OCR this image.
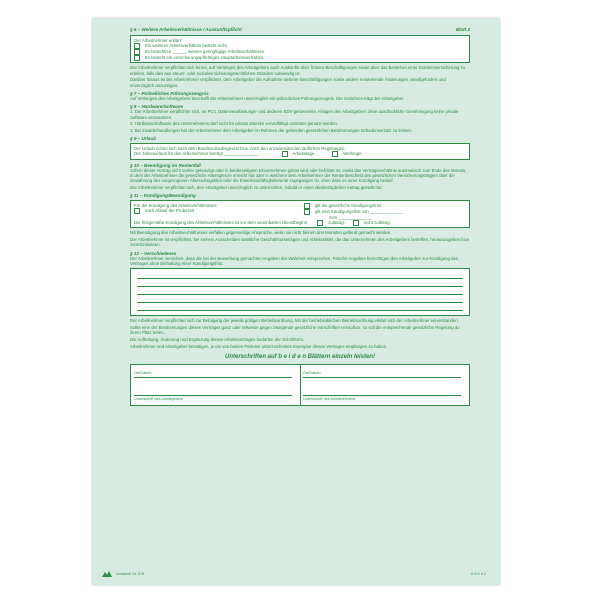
§ 6 – Weitere Arbeitsverhältnisse / Auskunftspflicht	Blatt 2
Der Arbeitnehmer erklärt:
Ein weiteres Arbeitsverhältnis besteht nicht.
Es besteht/en ______ weitere geringfügige Arbeitsverhältnisse.
Es besteht ein versicherungspflichtiges Hauptarbeitsverhältnis.

Der Arbeitnehmer verpflichtet sich ferner, auf Verlangen des Arbeitgebers auch Auskünfte über frühere Beschäftigungen sowie über das Bestehen einer Krankenversicherung zu erteilen, falls dies aus steuer- oder sozialversicherungsrechtlichen Gründen notwendig ist.

Darüber hinaus ist der Arbeitnehmer verpflichtet, dem Arbeitgeber die Aufnahme weiterer Beschäftigungen sowie andere entstehende Änderungen unaufgefordert und unverzüglich anzuzeigen.

§ 7 – Polizeiliches Führungszeugnis

Auf Verlangen des Arbeitgebers beschafft der Arbeitnehmer unverzüglich ein polizeiliches Führungszeugnis. Die Gebühren trägt der Arbeitgeber.

§ 8 – Hardware/Software

1. Der Arbeitnehmer verpflichtet sich, an PCs, Datenverarbeitungs- und anderen EDV-gesteuerten Anlagen des Arbeitgebers ohne ausdrückliche Genehmigung keine private Software einzusetzen.

2. Hardware/Software des Unternehmens darf nicht für private Zwecke vervielfältigt und/oder genutzt werden.

3. Bei Zuwiderhandlungen hat der Arbeitnehmer dem Arbeitgeber im Rahmen der geltenden gesetzlichen Bestimmungen Schadensersatz zu leisten.

§ 9 – Urlaub
Der Urlaub richtet sich nach dem Bundesurlaubsgesetz bzw. nach den anzuwendenden tariflichen Regelungen.
Der Jahresurlaub für den Arbeitnehmer beträgt ______________	Arbeitstage	Werktage.
§ 10 – Beendigung im Rentenfall

Sofern dieser Vertrag nicht vorher gekündigt oder in beiderseitigem Einvernehmen gelöst wird oder befristet ist, endet das Vertragsverhältnis automatisch zum Ende des Monats, in dem der Arbeitnehmer die gesetzliche Altersgrenze erreicht hat oder in welchem dem Arbeitnehmer der Rentenbescheid des gesetzlichen Versicherungsträgers über die Gewährung des vorgezogenen Altersruhegeldes oder die Erwerbsunfähigkeitsrente zugegangen ist, ohne dass es einer Kündigung bedarf.

Der Arbeitnehmer verpflichtet sich, den Arbeitgeber unverzüglich zu unterrichten, sobald er einen diesbezüglichen Antrag gestellt hat.

§ 11 – Kündigung/Beendigung
Für die Kündigung des Arbeitsverhältnisses
nach Ablauf der Probezeit
gilt die gesetzliche Kündigungsfrist.
gilt eine Kündigungsfrist von ______________
zum ______________
Die fristgemäße Kündigung des Arbeitsverhältnisses ist vor dem vereinbarten Dienstbeginn	zulässig.	nicht zulässig.

Mit Beendigung des Arbeitsverhältnisses verfallen gegenseitige Ansprüche, wenn sie nicht binnen drei Monaten geltend gemacht werden.

Der Arbeitnehmer ist verpflichtet, bei seinem Ausscheiden sämtliche Geschäftsunterlagen und Arbeitsmittel, die das Unternehmen des Arbeitgebers betreffen, herauszugeben bzw. zurückzulassen.

§ 12 – Verschiedenes

Der Arbeitnehmer versichert, dass die bei der Bewerbung gemachten Angaben der Wahrheit entsprechen. Falsche Angaben berechtigen den Arbeitgeber zur Kündigung des Vertrages ohne Einhaltung einer Kündigungsfrist.

Der Arbeitnehmer verpflichtet sich zur Befolgung der jeweils gültigen Betriebsordnung. Mit der betriebsüblichen Betriebsordnung erklärt sich der Arbeitnehmer einverstanden.

Sollte eine der Bestimmungen dieses Vertrages ganz oder teilweise gegen zwingende gesetzliche Vorschriften verstoßen, so soll die entsprechende gesetzliche Regelung an ihrem Platz treten.

Die Aufhebung, Änderung und Ergänzung dieses Arbeitsvertrages bedürfen der Schriftform.

Arbeitnehmer und Arbeitgeber bestätigen, je ein von beiden Parteien unterzeichnetes Exemplar dieses Vertrages empfangen zu haben.

Unterschriften auf b e i d e n Blättern einzeln leisten!
Ort/Datum
Unterschrift des Arbeitgebers
Ort/Datum
Unterschrift des Arbeitnehmers
Vordruck Nr. 578	0 6 0 4 2
